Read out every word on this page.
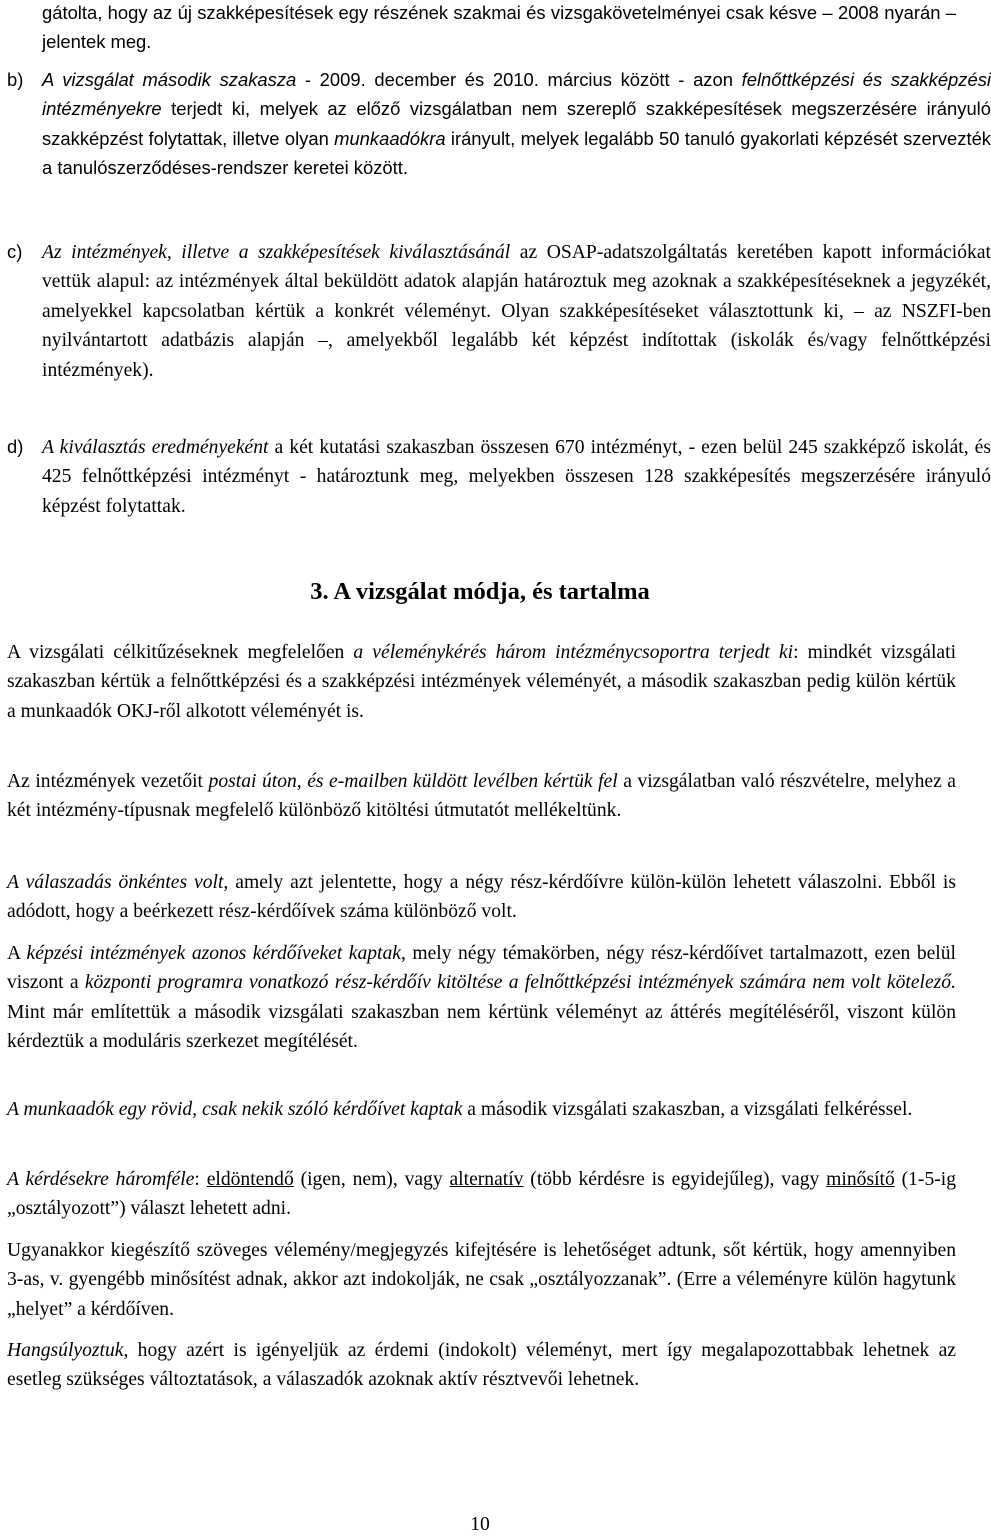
gátolta, hogy az új szakképesítések egy részének szakmai és vizsgakövetelményei csak késve – 2008 nyarán – jelentek meg.

b) A vizsgálat második szakasza - 2009. december és 2010. március között - azon felnőttképzési és szakképzési intézményekre terjedt ki, melyek az előző vizsgálatban nem szereplő szakképesítések megszerzésére irányuló szakképzést folytattak, illetve olyan munkaadókra irányult, melyek legalább 50 tanuló gyakorlati képzését szervezték a tanulószerződéses-rendszer keretei között.

c) Az intézmények, illetve a szakképesítések kiválasztásánál az OSAP-adatszolgáltatás keretében kapott információkat vettük alapul: az intézmények által beküldött adatok alapján határoztuk meg azoknak a szakképesítéseknek a jegyzékét, amelyekkel kapcsolatban kértük a konkrét véleményt. Olyan szakképesítéseket választottunk ki, – az NSZFI-ben nyilvántartott adatbázis alapján –, amelyekből legalább két képzést indítottak (iskolák és/vagy felnőttképzési intézmények).

d) A kiválasztás eredményeként a két kutatási szakaszban összesen 670 intézményt, - ezen belül 245 szakképző iskolát, és 425 felnőttképzési intézményt - határoztunk meg, melyekben összesen 128 szakképesítés megszerzésére irányuló képzést folytattak.

3. A vizsgálat módja, és tartalma

A vizsgálati célkitűzéseknek megfelelően a véleménykérés három intézménycsoportra terjedt ki: mindkét vizsgálati szakaszban kértük a felnőttképzési és a szakképzési intézmények véleményét, a második szakaszban pedig külön kértük a munkaadók OKJ-ről alkotott véleményét is.

Az intézmények vezetőit postai úton, és e-mailben küldött levélben kértük fel a vizsgálatban való részvételre, melyhez a két intézmény-típusnak megfelelő különböző kitöltési útmutatót mellékeltünk.

A válaszadás önkéntes volt, amely azt jelentette, hogy a négy rész-kérdőívre külön-külön lehetett válaszolni. Ebből is adódott, hogy a beérkezett rész-kérdőívek száma különböző volt.

A képzési intézmények azonos kérdőíveket kaptak, mely négy témakörben, négy rész-kérdőívet tartalmazott, ezen belül viszont a központi programra vonatkozó rész-kérdőív kitöltése a felnőttképzési intézmények számára nem volt kötelező. Mint már említettük a második vizsgálati szakaszban nem kértünk véleményt az áttérés megítéléséről, viszont külön kérdeztük a moduláris szerkezet megítélését.

A munkaadók egy rövid, csak nekik szóló kérdőívet kaptak a második vizsgálati szakaszban, a vizsgálati felkéréssel.

A kérdésekre háromféle: eldöntendő (igen, nem), vagy alternatív (több kérdésre is egyidejűleg), vagy minősítő (1-5-ig „osztályozott”) választ lehetett adni.

Ugyanakkor kiegészítő szöveges vélemény/megjegyzés kifejtésére is lehetőséget adtunk, sőt kértük, hogy amennyiben 3-as, v. gyengébb minősítést adnak, akkor azt indokolják, ne csak „osztályozzanak”. (Erre a véleményre külön hagytunk „helyet” a kérdőíven.

Hangsúlyoztuk, hogy azért is igényeljük az érdemi (indokolt) véleményt, mert így megalapozottabbak lehetnek az esetleg szükséges változtatások, a válaszadók azoknak aktív résztvevői lehetnek.

10
